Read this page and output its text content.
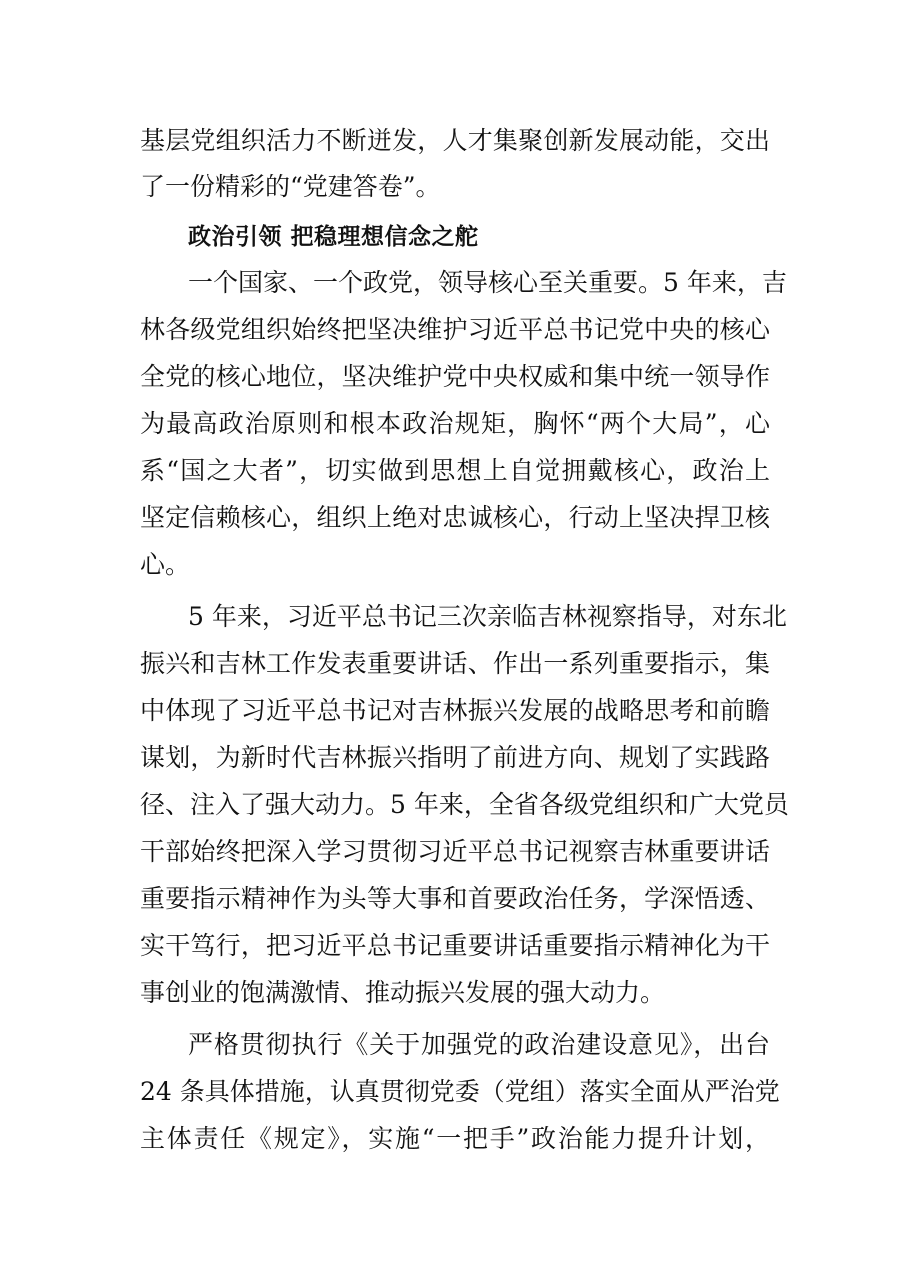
基层党组织活力不断迸发，人才集聚创新发展动能，交出
了一份精彩的“党建答卷”。
政治引领 把稳理想信念之舵
一个国家、一个政党，领导核心至关重要。5 年来，吉
林各级党组织始终把坚决维护习近平总书记党中央的核心
全党的核心地位，坚决维护党中央权威和集中统一领导作
为最高政治原则和根本政治规矩，胸怀“两个大局”，心
系“国之大者”，切实做到思想上自觉拥戴核心，政治上
坚定信赖核心，组织上绝对忠诚核心，行动上坚决捍卫核
心。
5 年来，习近平总书记三次亲临吉林视察指导，对东北
振兴和吉林工作发表重要讲话、作出一系列重要指示，集
中体现了习近平总书记对吉林振兴发展的战略思考和前瞻
谋划，为新时代吉林振兴指明了前进方向、规划了实践路
径、注入了强大动力。5 年来，全省各级党组织和广大党员
干部始终把深入学习贯彻习近平总书记视察吉林重要讲话
重要指示精神作为头等大事和首要政治任务，学深悟透、
实干笃行，把习近平总书记重要讲话重要指示精神化为干
事创业的饱满激情、推动振兴发展的强大动力。
严格贯彻执行《关于加强党的政治建设意见》，出台
24 条具体措施，认真贯彻党委（党组）落实全面从严治党
主体责任《规定》，实施“一把手”政治能力提升计划，
